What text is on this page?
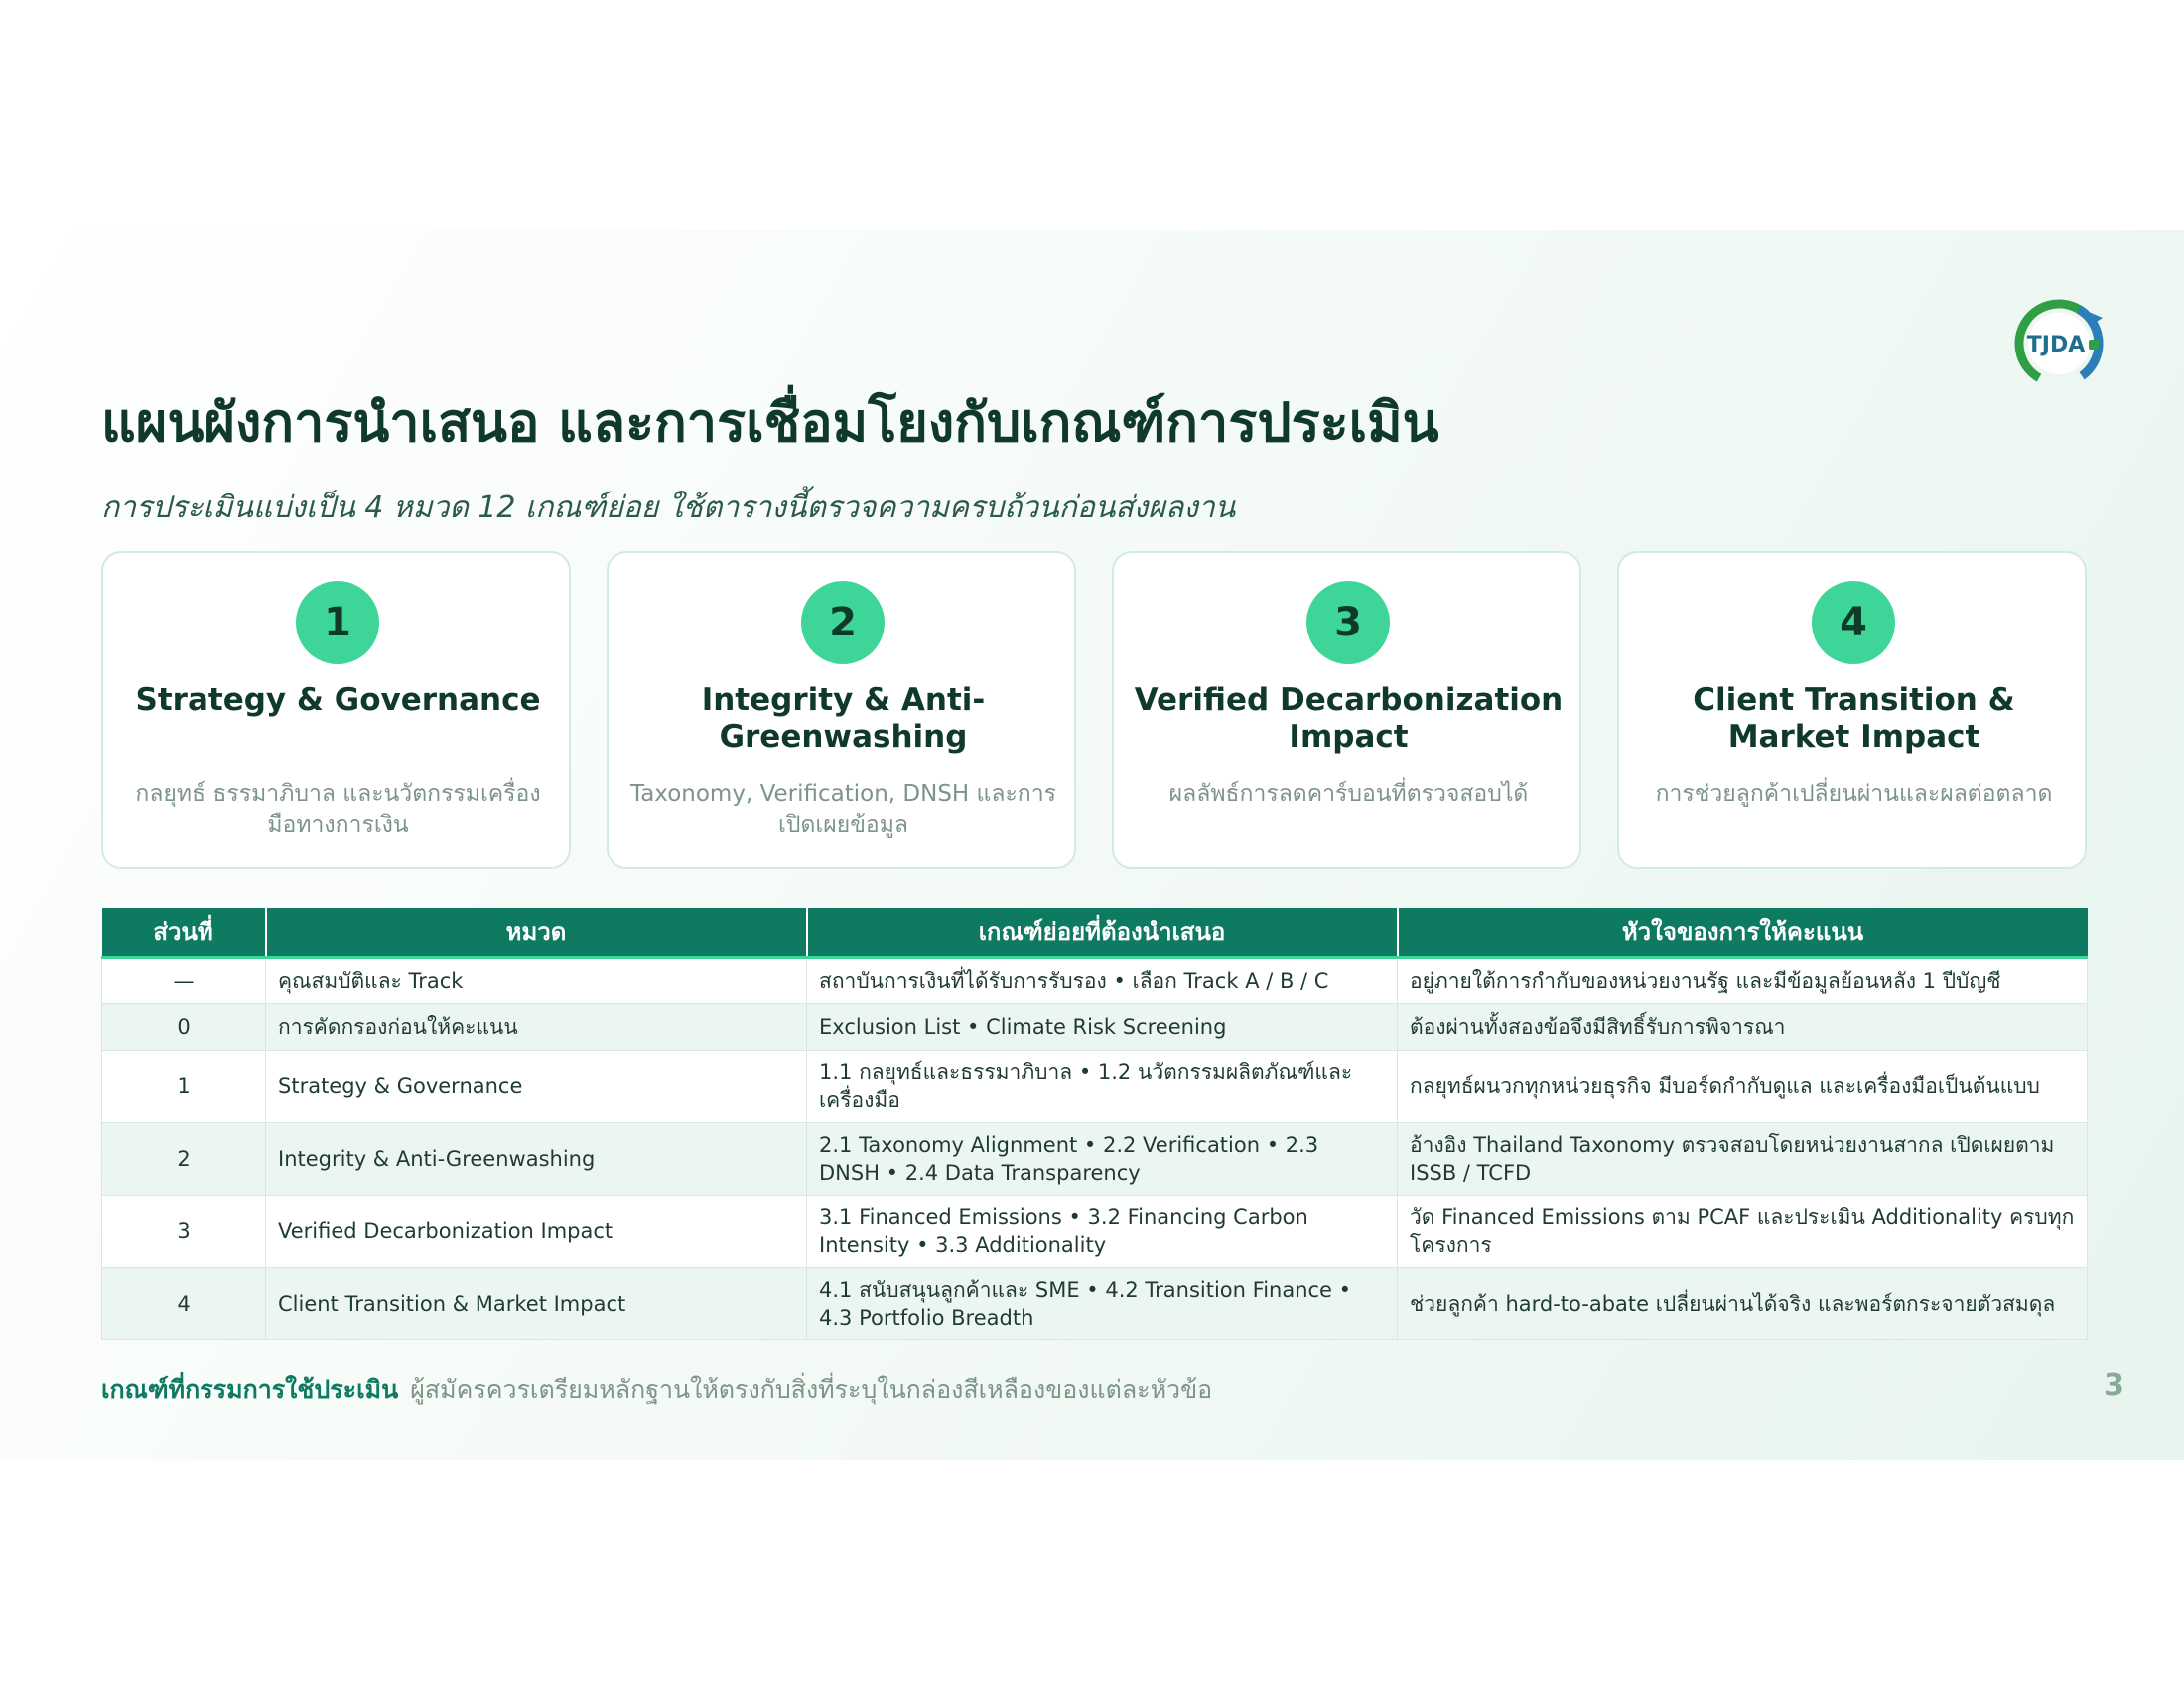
TJDA
แผนผังการนำเสนอ และการเชื่อมโยงกับเกณฑ์การประเมิน
การประเมินแบ่งเป็น 4 หมวด 12 เกณฑ์ย่อย ใช้ตารางนี้ตรวจความครบถ้วนก่อนส่งผลงาน
1
Strategy & Governance
กลยุทธ์ ธรรมาภิบาล และนวัตกรรมเครื่องมือทางการเงิน
2
Integrity & Anti-Greenwashing
Taxonomy, Verification, DNSH และการเปิดเผยข้อมูล
3
Verified Decarbonization Impact
ผลลัพธ์การลดคาร์บอนที่ตรวจสอบได้
4
Client Transition & Market Impact
การช่วยลูกค้าเปลี่ยนผ่านและผลต่อตลาด
ส่วนที่	หมวด	เกณฑ์ย่อยที่ต้องนำเสนอ	หัวใจของการให้คะแนน
—	คุณสมบัติและ Track	สถาบันการเงินที่ได้รับการรับรอง • เลือก Track A / B / C	อยู่ภายใต้การกำกับของหน่วยงานรัฐ และมีข้อมูลย้อนหลัง 1 ปีบัญชี
0	การคัดกรองก่อนให้คะแนน	Exclusion List • Climate Risk Screening	ต้องผ่านทั้งสองข้อจึงมีสิทธิ์รับการพิจารณา
1	Strategy & Governance	1.1 กลยุทธ์และธรรมาภิบาล • 1.2 นวัตกรรมผลิตภัณฑ์และเครื่องมือ	กลยุทธ์ผนวกทุกหน่วยธุรกิจ มีบอร์ดกำกับดูแล และเครื่องมือเป็นต้นแบบ
2	Integrity & Anti-Greenwashing	2.1 Taxonomy Alignment • 2.2 Verification • 2.3 DNSH • 2.4 Data Transparency	อ้างอิง Thailand Taxonomy ตรวจสอบโดยหน่วยงานสากล เปิดเผยตาม ISSB / TCFD
3	Verified Decarbonization Impact	3.1 Financed Emissions • 3.2 Financing Carbon Intensity • 3.3 Additionality	วัด Financed Emissions ตาม PCAF และประเมิน Additionality ครบทุกโครงการ
4	Client Transition & Market Impact	4.1 สนับสนุนลูกค้าและ SME • 4.2 Transition Finance • 4.3 Portfolio Breadth	ช่วยลูกค้า hard-to-abate เปลี่ยนผ่านได้จริง และพอร์ตกระจายตัวสมดุล
เกณฑ์ที่กรรมการใช้ประเมิน ผู้สมัครควรเตรียมหลักฐานให้ตรงกับสิ่งที่ระบุในกล่องสีเหลืองของแต่ละหัวข้อ	3
